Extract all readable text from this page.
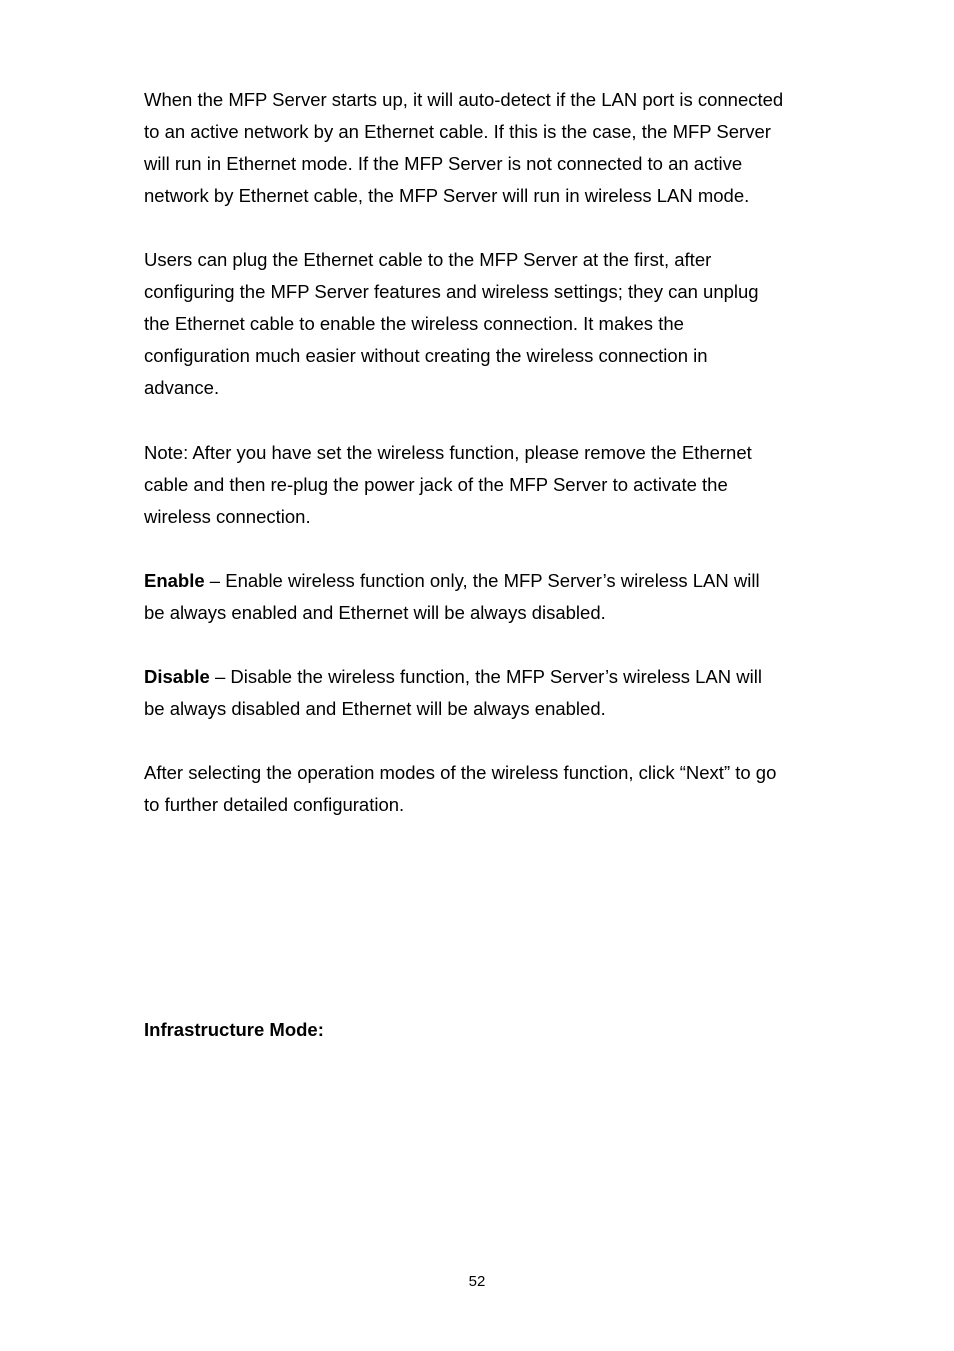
When the MFP Server starts up, it will auto-detect if the LAN port is connected
to an active network by an Ethernet cable. If this is the case, the MFP Server
will run in Ethernet mode. If the MFP Server is not connected to an active
network by Ethernet cable, the MFP Server will run in wireless LAN mode.

Users can plug the Ethernet cable to the MFP Server at the first, after
configuring the MFP Server features and wireless settings; they can unplug
the Ethernet cable to enable the wireless connection. It makes the
configuration much easier without creating the wireless connection in
advance.

Note: After you have set the wireless function, please remove the Ethernet
cable and then re-plug the power jack of the MFP Server to activate the
wireless connection.

Enable – Enable wireless function only, the MFP Server’s wireless LAN will
be always enabled and Ethernet will be always disabled.

Disable – Disable the wireless function, the MFP Server’s wireless LAN will
be always disabled and Ethernet will be always enabled.

After selecting the operation modes of the wireless function, click “Next” to go
to further detailed configuration.

Infrastructure Mode:
52
